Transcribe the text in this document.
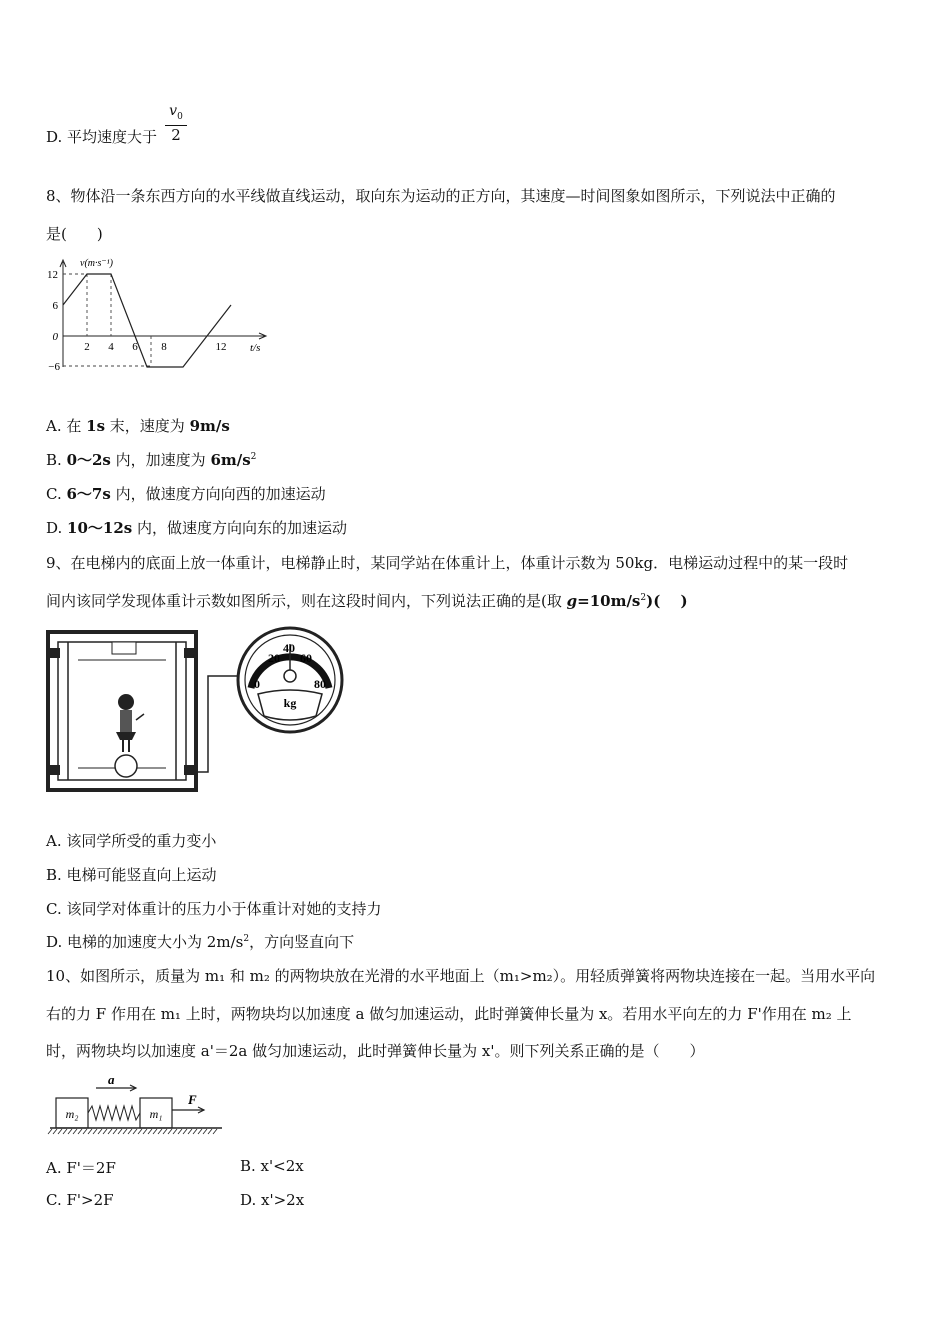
D. 平均速度大于
$v_0$
2
8、物体沿一条东西方向的水平线做直线运动，取向东为运动的正方向，其速度—时间图象如图所示，下列说法中正确的
是(　　)
v(m·s⁻¹)
t/s
12
6
0
−6
2 4 6 8	12
A. 在 1s 末，速度为 9m/s
B. 0～2s 内，加速度为 $6m/s^2$
C. 6～7s 内，做速度方向向西的加速运动
D. 10～12s 内，做速度方向向东的加速运动
9、在电梯内的底面上放一体重计，电梯静止时，某同学站在体重计上，体重计示数为 50kg．电梯运动过程中的某一段时
间内该同学发现体重计示数如图所示，则在这段时间内，下列说法正确的是(取 $g=10m/s^2$)(　 )
20
40
60
0	80
kg
A. 该同学所受的重力变小
B. 电梯可能竖直向上运动
C. 该同学对体重计的压力小于体重计对她的支持力
D. 电梯的加速度大小为 $2m/s^2$，方向竖直向下
10、如图所示，质量为 m₁ 和 m₂ 的两物块放在光滑的水平地面上（m₁>m₂）。用轻质弹簧将两物块连接在一起。当用水平向
右的力 F 作用在 m₁ 上时，两物块均以加速度 a 做匀加速运动，此时弹簧伸长量为 x。若用水平向左的力 F'作用在 m₂ 上
时，两物块均以加速度 a'＝2a 做匀加速运动，此时弹簧伸长量为 x'。则下列关系正确的是（　　）
a
m₂	m₁
F
A. F'＝2F	B. x'<2x
C. F'>2F	D. x'>2x
